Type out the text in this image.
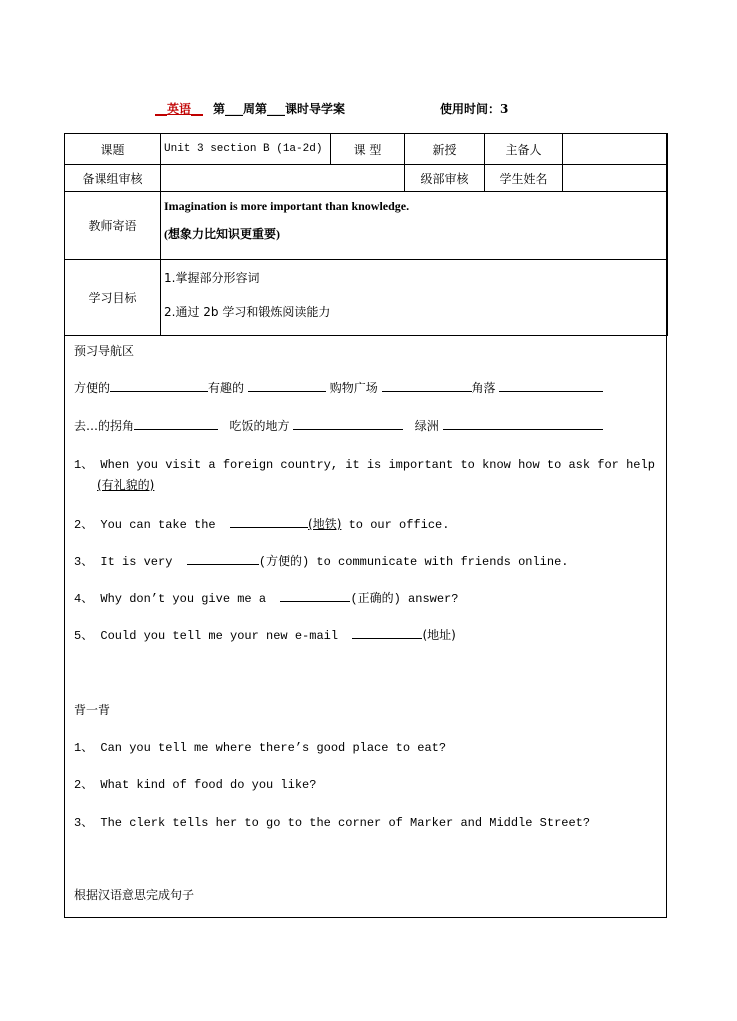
__英语__ 第___周第___课时导学案	使用时间：3
课题	Unit 3 section B (1a-2d)	课 型	新授	主备人	
备课组审核			级部审核	学生姓名	
教师寄语	Imagination is more important than knowledge.
(想象力比知识更重要)				

学习目标	1.掌握部分形容词
2.通过 2b 学习和锻炼阅读能力				
预习导航区
方便的	有趣的	购物广场	角落
去…的拐角	吃饭的地方	绿洲
1、 When you visit a foreign country, it is important to know how to ask for help
(有礼貌的)
2、 You can take the	(地铁) to our office.
3、 It is very	(方便的) to communicate with friends online.
4、 Why don’t you give me a	(正确的) answer?
5、 Could you tell me your new e-mail	(地址)
背一背
1、 Can you tell me where there’s good place to eat?
2、 What kind of food do you like?
3、 The clerk tells her to go to the corner of Marker and Middle Street?
根据汉语意思完成句子
